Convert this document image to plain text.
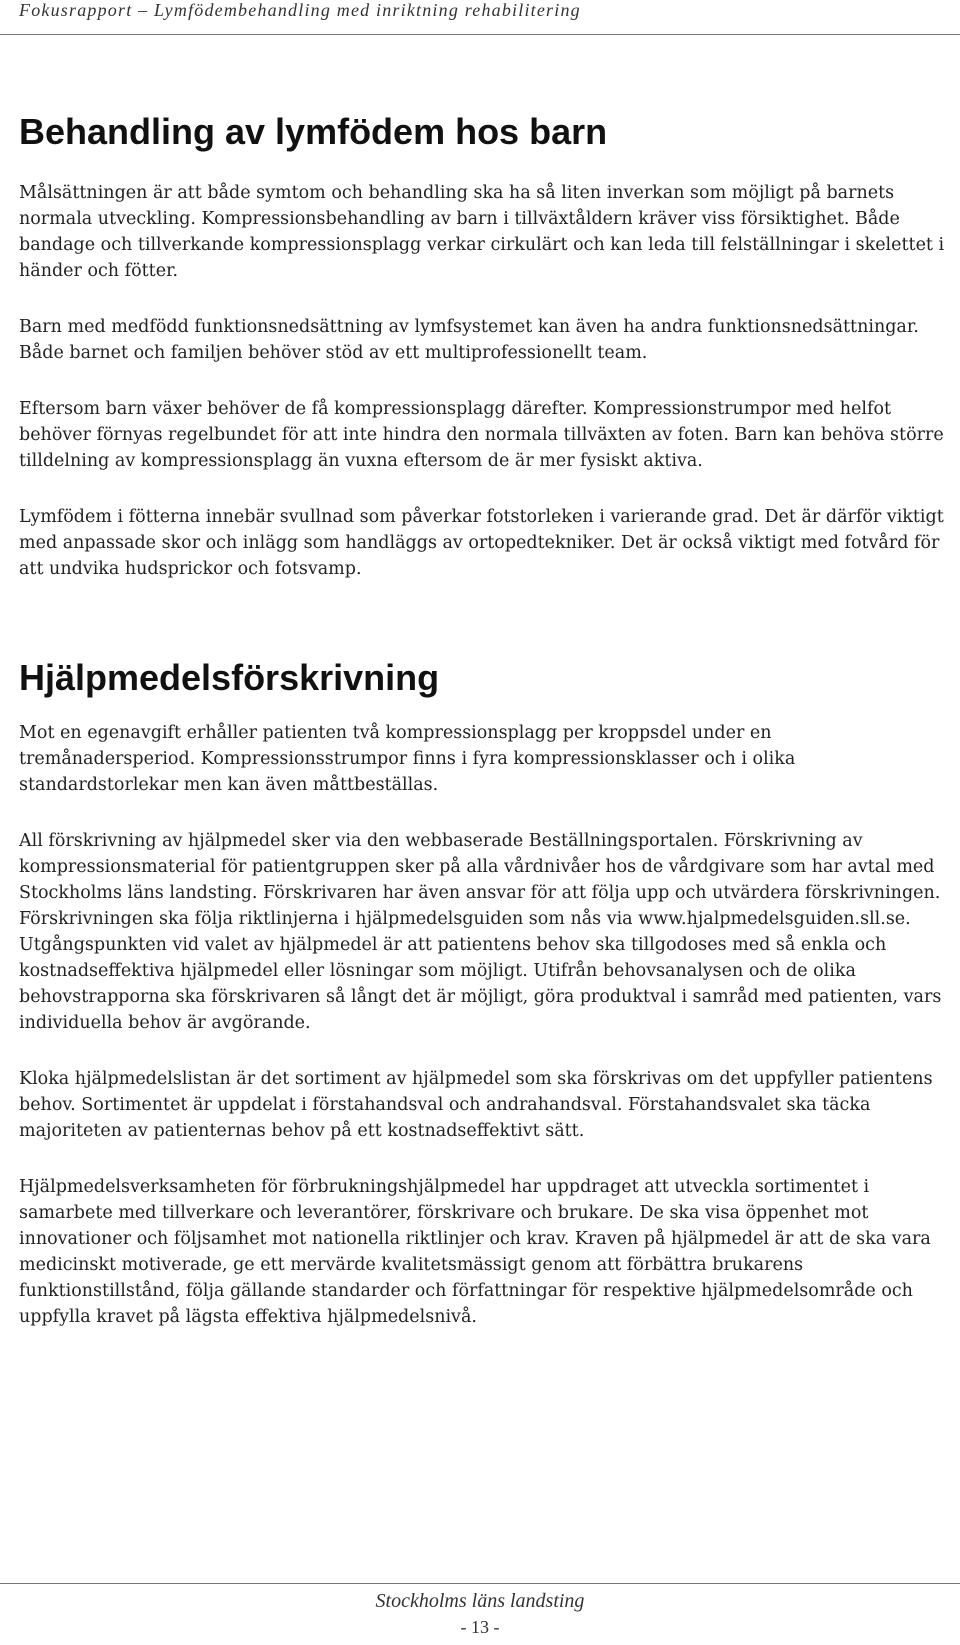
Fokusrapport – Lymfödembehandling med inriktning rehabilitering
Behandling av lymfödem hos barn

Målsättningen är att både symtom och behandling ska ha så liten inverkan som möjligt på barnets normala utveckling. Kompressionsbehandling av barn i tillväxtåldern kräver viss försiktighet. Både bandage och tillverkande kompressionsplagg verkar cirkulärt och kan leda till felställningar i skelettet i händer och fötter.

Barn med medfödd funktionsnedsättning av lymfsystemet kan även ha andra funktionsnedsättningar. Både barnet och familjen behöver stöd av ett multiprofessionellt team.

Eftersom barn växer behöver de få kompressionsplagg därefter. Kompressionstrumpor med helfot behöver förnyas regelbundet för att inte hindra den normala tillväxten av foten. Barn kan behöva större tilldelning av kompressionsplagg än vuxna eftersom de är mer fysiskt aktiva.

Lymfödem i fötterna innebär svullnad som påverkar fotstorleken i varierande grad. Det är därför viktigt med anpassade skor och inlägg som handläggs av ortopedtekniker. Det är också viktigt med fotvård för att undvika hudsprickor och fotsvamp.

Hjälpmedelsförskrivning

Mot en egenavgift erhåller patienten två kompressionsplagg per kroppsdel under en tremånadersperiod. Kompressionsstrumpor finns i fyra kompressionsklasser och i olika standardstorlekar men kan även måttbeställas.

All förskrivning av hjälpmedel sker via den webbaserade Beställningsportalen. Förskrivning av kompressionsmaterial för patientgruppen sker på alla vårdnivåer hos de vårdgivare som har avtal med Stockholms läns landsting. Förskrivaren har även ansvar för att följa upp och utvärdera förskrivningen. Förskrivningen ska följa riktlinjerna i hjälpmedelsguiden som nås via www.hjalpmedelsguiden.sll.se. Utgångspunkten vid valet av hjälpmedel är att patientens behov ska tillgodoses med så enkla och kostnadseffektiva hjälpmedel eller lösningar som möjligt. Utifrån behovsanalysen och de olika behovstrapporna ska förskrivaren så långt det är möjligt, göra produktval i samråd med patienten, vars individuella behov är avgörande.

Kloka hjälpmedelslistan är det sortiment av hjälpmedel som ska förskrivas om det uppfyller patientens behov. Sortimentet är uppdelat i förstahandsval och andrahandsval. Förstahandsvalet ska täcka majoriteten av patienternas behov på ett kostnadseffektivt sätt.

Hjälpmedelsverksamheten för förbrukningshjälpmedel har uppdraget att utveckla sortimentet i samarbete med tillverkare och leverantörer, förskrivare och brukare. De ska visa öppenhet mot innovationer och följsamhet mot nationella riktlinjer och krav. Kraven på hjälpmedel är att de ska vara medicinskt motiverade, ge ett mervärde kvalitetsmässigt genom att förbättra brukarens funktionstillstånd, följa gällande standarder och författningar för respektive hjälpmedelsområde och uppfylla kravet på lägsta effektiva hjälpmedelsnivå.

Stockholms läns landsting
- 13 -
